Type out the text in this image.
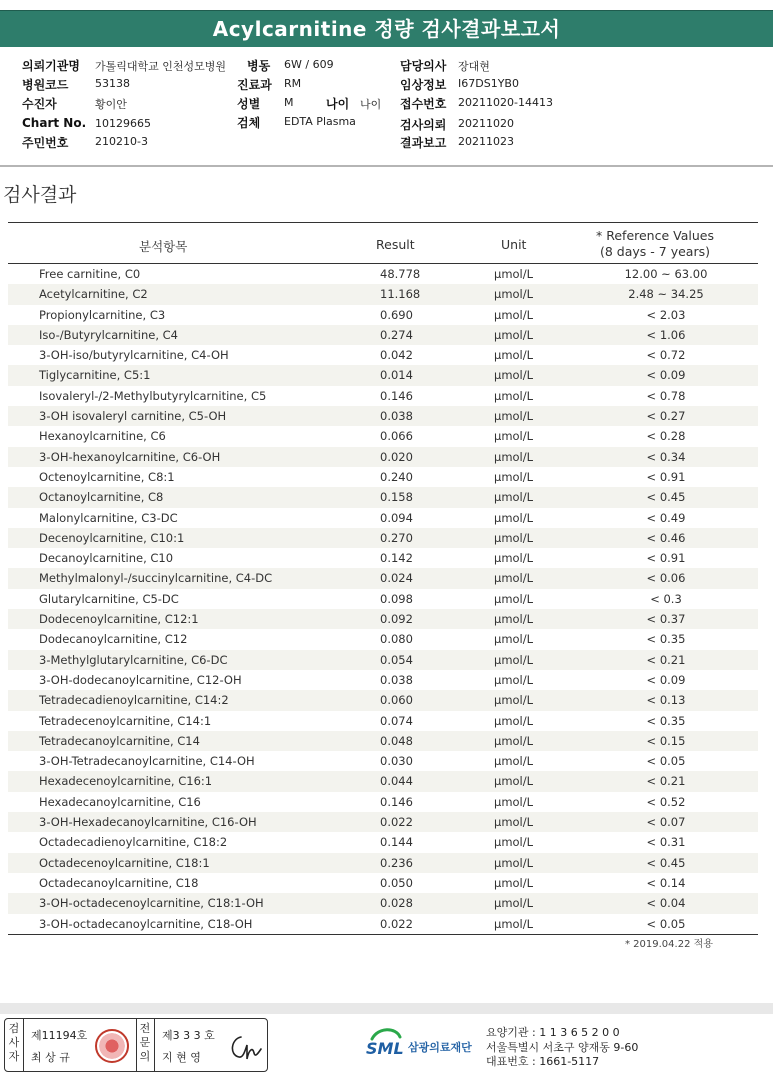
Acylcarnitine 정량 검사결과보고서
의뢰기관명 가톨릭대학교 인천성모병원 병동 6W / 609	담당의사 장대현
병원코드 53138	진료과 RM	임상정보 I67DS1YB0
수진자	황이안	성별 M	나이 나이 접수번호 20211020-14413
Chart No. 10129665	검체 EDTA Plasma	검사의뢰 20211020
주민번호 210210-3	결과보고 20211023
검사결과
분석항목	Result	Unit
* Reference Values
(8 days - 7 years)
Free carnitine, C0	48.778	µmol/L	12.00 ~ 63.00
Acetylcarnitine, C2	11.168	µmol/L	2.48 ~ 34.25
Propionylcarnitine, C3	0.690	µmol/L	< 2.03
Iso-/Butyrylcarnitine, C4	0.274	µmol/L	< 1.06
3-OH-iso/butyrylcarnitine, C4-OH	0.042	µmol/L	< 0.72
Tiglycarnitine, C5:1	0.014	µmol/L	< 0.09
Isovaleryl-/2-Methylbutyrylcarnitine, C5	0.146	µmol/L	< 0.78
3-OH isovaleryl carnitine, C5-OH	0.038	µmol/L	< 0.27
Hexanoylcarnitine, C6	0.066	µmol/L	< 0.28
3-OH-hexanoylcarnitine, C6-OH	0.020	µmol/L	< 0.34
Octenoylcarnitine, C8:1	0.240	µmol/L	< 0.91
Octanoylcarnitine, C8	0.158	µmol/L	< 0.45
Malonylcarnitine, C3-DC	0.094	µmol/L	< 0.49
Decenoylcarnitine, C10:1	0.270	µmol/L	< 0.46
Decanoylcarnitine, C10	0.142	µmol/L	< 0.91
Methylmalonyl-/succinylcarnitine, C4-DC	0.024	µmol/L	< 0.06
Glutarylcarnitine, C5-DC	0.098	µmol/L	< 0.3
Dodecenoylcarnitine, C12:1	0.092	µmol/L	< 0.37
Dodecanoylcarnitine, C12	0.080	µmol/L	< 0.35
3-Methylglutarylcarnitine, C6-DC	0.054	µmol/L	< 0.21
3-OH-dodecanoylcarnitine, C12-OH	0.038	µmol/L	< 0.09
Tetradecadienoylcarnitine, C14:2	0.060	µmol/L	< 0.13
Tetradecenoylcarnitine, C14:1	0.074	µmol/L	< 0.35
Tetradecanoylcarnitine, C14	0.048	µmol/L	< 0.15
3-OH-Tetradecanoylcarnitine, C14-OH	0.030	µmol/L	< 0.05
Hexadecenoylcarnitine, C16:1	0.044	µmol/L	< 0.21
Hexadecanoylcarnitine, C16	0.146	µmol/L	< 0.52
3-OH-Hexadecanoylcarnitine, C16-OH	0.022	µmol/L	< 0.07
Octadecadienoylcarnitine, C18:2	0.144	µmol/L	< 0.31
Octadecenoylcarnitine, C18:1	0.236	µmol/L	< 0.45
Octadecanoylcarnitine, C18	0.050	µmol/L	< 0.14
3-OH-octadecenoylcarnitine, C18:1-OH	0.028	µmol/L	< 0.04
3-OH-octadecanoylcarnitine, C18-OH	0.022	µmol/L	< 0.05
* 2019.04.22 적용
검사자
제11194호
최 상 규
전문의
제3 3 3 호
지 현 영	SML 삼광의료재단
요양기관 : 1 1 3 6 5 2 0 0
서울특별시 서초구 양재동 9-60
대표번호 : 1661-5117
